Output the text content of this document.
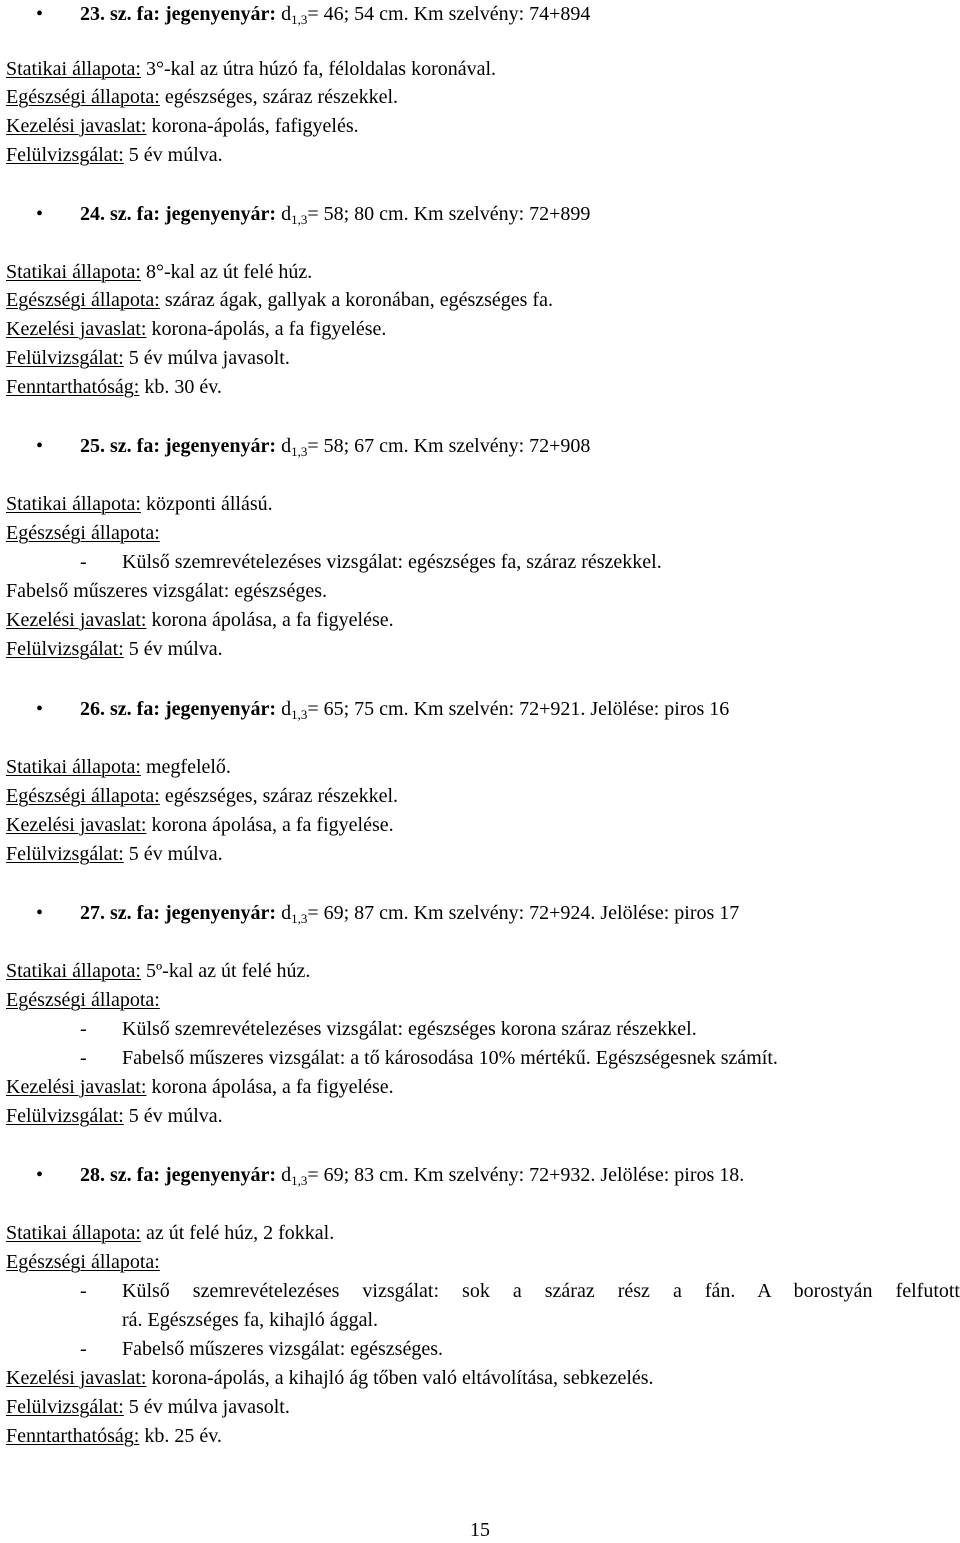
• 23. sz. fa: jegenyenyár: $d_{1,3}= 46$; 54 cm. Km szelvény: 74+894
Statikai állapota: 3°-kal az útra húzó fa, féloldalas koronával.
Egészségi állapota: egészséges, száraz részekkel.
Kezelési javaslat: korona-ápolás, fafigyelés.
Felülvizsgálat: 5 év múlva.
• 24. sz. fa: jegenyenyár: $d_{1,3}= 58$; 80 cm. Km szelvény: 72+899
Statikai állapota: 8°-kal az út felé húz.
Egészségi állapota: száraz ágak, gallyak a koronában, egészséges fa.
Kezelési javaslat: korona-ápolás, a fa figyelése.
Felülvizsgálat: 5 év múlva javasolt.
Fenntarthatóság: kb. 30 év.
• 25. sz. fa: jegenyenyár: $d_{1,3}= 58$; 67 cm. Km szelvény: 72+908
Statikai állapota: központi állású.
Egészségi állapota:
- Külső szemrevételezéses vizsgálat: egészséges fa, száraz részekkel.
Fabelső műszeres vizsgálat: egészséges.
Kezelési javaslat: korona ápolása, a fa figyelése.
Felülvizsgálat: 5 év múlva.
• 26. sz. fa: jegenyenyár: $d_{1,3}= 65$; 75 cm. Km szelvén: 72+921. Jelölése: piros 16
Statikai állapota: megfelelő.
Egészségi állapota: egészséges, száraz részekkel.
Kezelési javaslat: korona ápolása, a fa figyelése.
Felülvizsgálat: 5 év múlva.
• 27. sz. fa: jegenyenyár: $d_{1,3}= 69$; 87 cm. Km szelvény: 72+924. Jelölése: piros 17
Statikai állapota: 5º-kal az út felé húz.
Egészségi állapota:
- Külső szemrevételezéses vizsgálat: egészséges korona száraz részekkel.
- Fabelső műszeres vizsgálat: a tő károsodása 10% mértékű. Egészségesnek számít.
Kezelési javaslat: korona ápolása, a fa figyelése.
Felülvizsgálat: 5 év múlva.
• 28. sz. fa: jegenyenyár: $d_{1,3}= 69$; 83 cm. Km szelvény: 72+932. Jelölése: piros 18.
Statikai állapota: az út felé húz, 2 fokkal.
Egészségi állapota:
- Külső szemrevételezéses vizsgálat: sok a száraz rész a fán. A borostyán felfutott
rá. Egészséges fa, kihajló ággal.
- Fabelső műszeres vizsgálat: egészséges.
Kezelési javaslat: korona-ápolás, a kihajló ág tőben való eltávolítása, sebkezelés.
Felülvizsgálat: 5 év múlva javasolt.
Fenntarthatóság: kb. 25 év.
15
